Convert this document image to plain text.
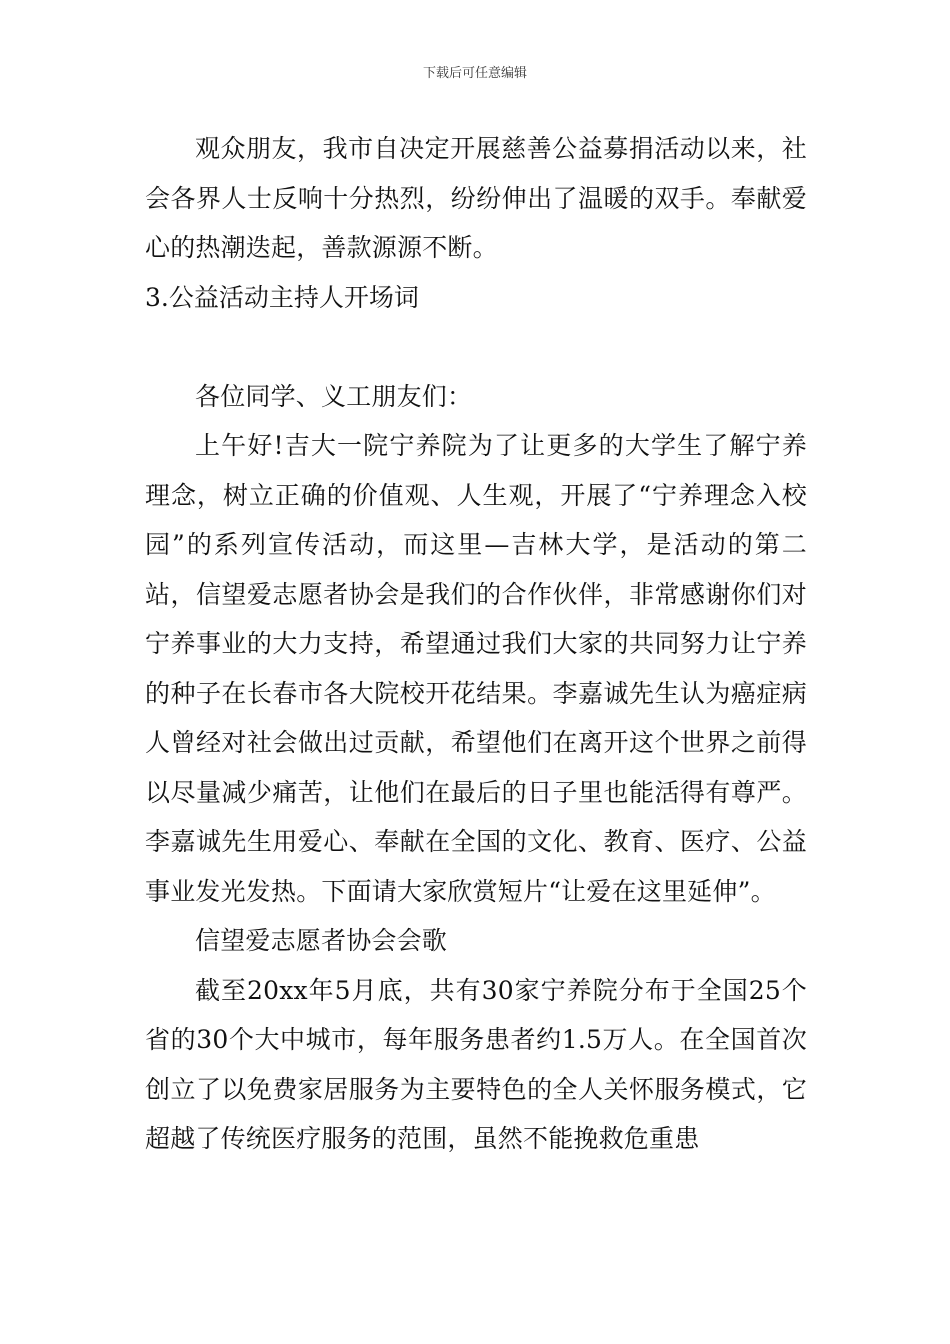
下载后可任意编辑

观众朋友，我市自决定开展慈善公益募捐活动以来，社会各界人士反响十分热烈，纷纷伸出了温暖的双手。奉献爱心的热潮迭起，善款源源不断。

3.公益活动主持人开场词

各位同学、义工朋友们：

上午好!吉大一院宁养院为了让更多的大学生了解宁养理念，树立正确的价值观、人生观，开展了“宁养理念入校园”的系列宣传活动，而这里—吉林大学，是活动的第二站，信望爱志愿者协会是我们的合作伙伴，非常感谢你们对宁养事业的大力支持，希望通过我们大家的共同努力让宁养的种子在长春市各大院校开花结果。李嘉诚先生认为癌症病人曾经对社会做出过贡献，希望他们在离开这个世界之前得以尽量减少痛苦，让他们在最后的日子里也能活得有尊严。李嘉诚先生用爱心、奉献在全国的文化、教育、医疗、公益事业发光发热。下面请大家欣赏短片“让爱在这里延伸”。

信望爱志愿者协会会歌

截至20xx年5月底，共有30家宁养院分布于全国25个省的30个大中城市，每年服务患者约1.5万人。在全国首次创立了以免费家居服务为主要特色的全人关怀服务模式，它超越了传统医疗服务的范围，虽然不能挽救危重患
